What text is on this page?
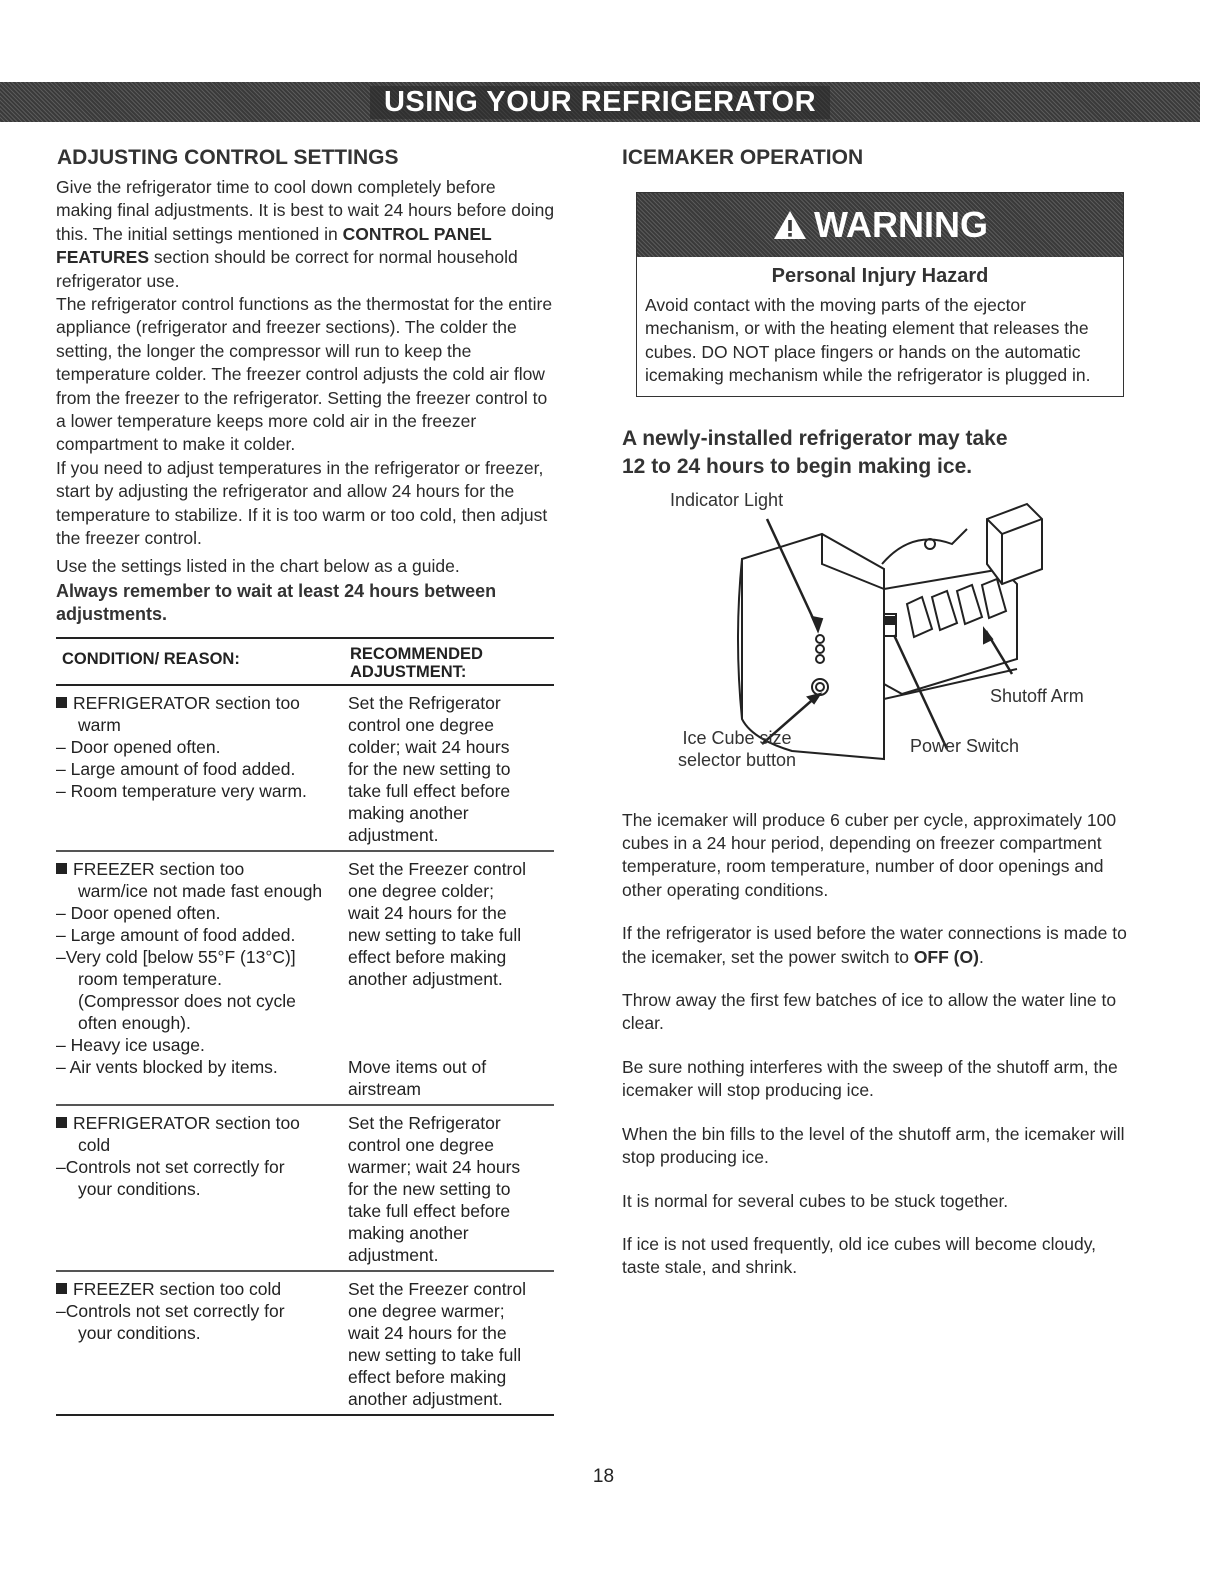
USING YOUR REFRIGERATOR
ADJUSTING CONTROL SETTINGS

Give the refrigerator time to cool down completely before making final adjustments. It is best to wait 24 hours before doing this. The initial settings mentioned in CONTROL PANEL FEATURES section should be correct for normal household refrigerator use.

The refrigerator control functions as the thermostat for the entire appliance (refrigerator and freezer sections). The colder the setting, the longer the compressor will run to keep the temperature colder. The freezer control adjusts the cold air flow from the freezer to the refrigerator. Setting the freezer control to a lower temperature keeps more cold air in the freezer compartment to make it colder.

If you need to adjust temperatures in the refrigerator or freezer, start by adjusting the refrigerator and allow 24 hours for the temperature to stabilize. If it is too warm or too cold, then adjust the freezer control.

Use the settings listed in the chart below as a guide.

Always remember to wait at least 24 hours between adjustments.

CONDITION/ REASON:	RECOMMENDED
ADJUSTMENT:
REFRIGERATOR section too
warm
– Door opened often.
– Large amount of food added.
– Room temperature very warm.
Set the Refrigerator
control one degree
colder; wait 24 hours
for the new setting to
take full effect before
making another
adjustment.
FREEZER section too
warm/ice not made fast enough
– Door opened often.
– Large amount of food added.
–Very cold [below 55°F (13°C)]
room temperature.
(Compressor does not cycle
often enough).
– Heavy ice usage.
– Air vents blocked by items.
Set the Freezer control
one degree colder;
wait 24 hours for the
new setting to take full
effect before making
another adjustment.
Move items out of
airstream
REFRIGERATOR section too
cold
–Controls not set correctly for
your conditions.
Set the Refrigerator
control one degree
warmer; wait 24 hours
for the new setting to
take full effect before
making another
adjustment.
FREEZER section too cold
–Controls not set correctly for
your conditions.
Set the Freezer control
one degree warmer;
wait 24 hours for the
new setting to take full
effect before making
another adjustment.
ICEMAKER OPERATION
WARNING
Personal Injury Hazard

Avoid contact with the moving parts of the ejector mechanism, or with the heating element that releases the cubes. DO NOT place fingers or hands on the automatic icemaking mechanism while the refrigerator is plugged in.

A newly-installed refrigerator may take
12 to 24 hours to begin making ice.
Indicator Light
Shutoff Arm
Ice Cube size
selector button
Power Switch

The icemaker will produce 6 cuber per cycle, approximately 100 cubes in a 24 hour period, depending on freezer compartment temperature, room temperature, number of door openings and other operating conditions.

If the refrigerator is used before the water connections is made to the icemaker, set the power switch to OFF (O).

Throw away the first few batches of ice to allow the water line to clear.

Be sure nothing interferes with the sweep of the shutoff arm, the icemaker will stop producing ice.

When the bin fills to the level of the shutoff arm, the icemaker will stop producing ice.

It is normal for several cubes to be stuck together.

If ice is not used frequently, old ice cubes will become cloudy, taste stale, and shrink.

18
